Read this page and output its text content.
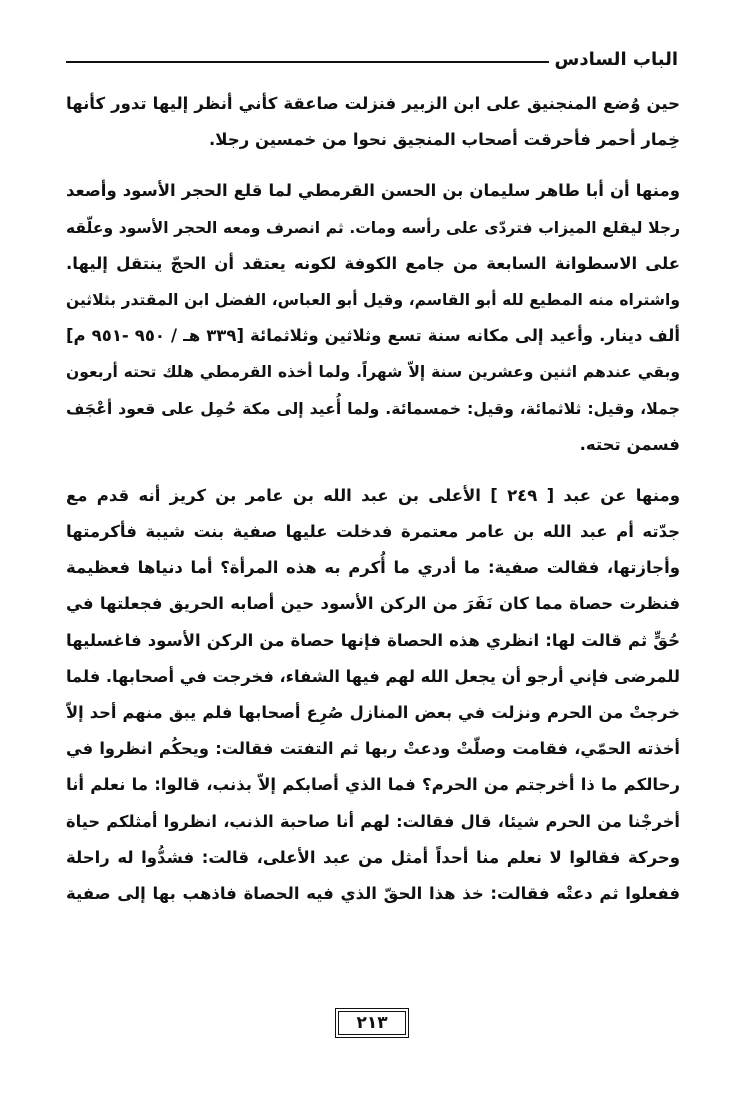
الباب السادس
حين وُضع المنجنيق على ابن الزبير فنزلت صاعقة كأني أنظر إليها تدور كأنها
خِمار أحمر فأحرقت أصحاب المنجيق نحوا من خمسين رجلا.
ومنها أن أبا طاهر سليمان بن الحسن القرمطي لما قلع الحجر الأسود وأصعد
رجلا ليقلع الميزاب فتردّى على رأسه ومات. ثم انصرف ومعه الحجر الأسود وعلّقه
على الاسطوانة السابعة من جامع الكوفة لكونه يعتقد أن الحجّ ينتقل إليها.
واشتراه منه المطيع لله أبو القاسم، وقيل أبو العباس، الفضل ابن المقتدر بثلاثين
ألف دينار. وأعيد إلى مكانه سنة تسع وثلاثين وثلاثمائة [٣٣٩ هـ / ٩٥٠ -٩٥١ م]
وبقي عندهم اثنين وعشرين سنة إلاّ شهراً. ولما أخذه القرمطي هلك تحته أربعون
جملا، وقيل: ثلاثمائة، وقيل: خمسمائة. ولما أُعيد إلى مكة حُمِل على قعود أعْجَف
فسمن تحته.
ومنها عن عبد [ ٢٤٩ ] الأعلى بن عبد الله بن عامر بن كريز أنه قدم مع
جدّته أم عبد الله بن عامر معتمرة فدخلت عليها صفية بنت شيبة فأكرمتها
وأجازتها، فقالت صفية: ما أدري ما أُكرم به هذه المرأة؟ أما دنياها فعظيمة
فنظرت حصاة مما كان نَفَرَ من الركن الأسود حين أصابه الحريق فجعلتها في
حُقٍّ ثم قالت لها: انظري هذه الحصاة فإنها حصاة من الركن الأسود فاغسليها
للمرضى فإني أرجو أن يجعل الله لهم فيها الشفاء، فخرجت في أصحابها. فلما
خرجتْ من الحرم ونزلت في بعض المنازل صُرِع أصحابها فلم يبق منهم أحد إلاّ
أخذته الحمّي، فقامت وصلّتْ ودعتْ ربها ثم التفتت فقالت: ويحكُم انظروا في
رحالكم ما ذا أخرجتم من الحرم؟ فما الذي أصابكم إلاّ بذنب، قالوا: ما نعلم أنا
أخرجْنا من الحرم شيئا، قال فقالت: لهم أنا صاحبة الذنب، انظروا أمثلكم حياة
وحركة فقالوا لا نعلم منا أحداً أمثل من عبد الأعلى، قالت: فشدُّوا له راحلة
ففعلوا ثم دعتْه فقالت: خذ هذا الحقّ الذي فيه الحصاة فاذهب بها إلى صفية
٢١٣
